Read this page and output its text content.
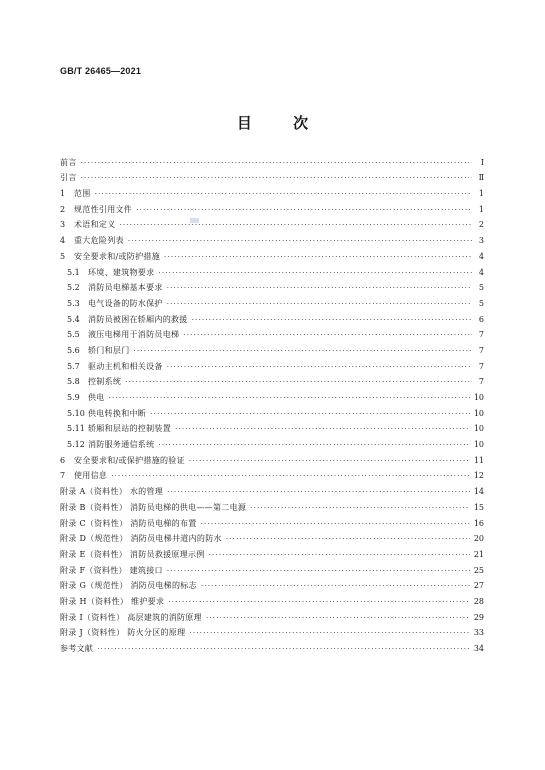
GB/T 26465—2021
目 次
前言 ·····	Ⅰ
引言 ·····	Ⅱ
1	范围 ·····	1
2	规范性引用文件 ·····	1
3	术语和定义 ·····	2
4	重大危险列表 ·····	3
5	安全要求和/或防护措施 ·····	4
5.1	环境、建筑物要求 ·····	4
5.2	消防员电梯基本要求 ·····	5
5.3	电气设备的防水保护 ·····	5
5.4	消防员被困在轿厢内的救援 ·····	6
5.5	液压电梯用于消防员电梯 ·····	7
5.6	轿门和层门 ·····	7
5.7	驱动主机和相关设备 ·····	7
5.8	控制系统 ·····	7
5.9	供电 ·····	10
5.10 供电转换和中断 ·····	10
5.11 轿厢和层站的控制装置 ·····	10
5.12 消防服务通信系统 ·····	10
6	安全要求和/或保护措施的验证 ·····	11
7	使用信息 ·····	12
附录 A（资料性） 水的管理 ·····	14
附录 B（资料性） 消防员电梯的供电——第二电源 ·····	15
附录 C（资料性） 消防员电梯的布置 ·····	16
附录 D（规范性） 消防员电梯井道内的防水 ·····	20
附录 E（资料性） 消防员救援原理示例 ·····	21
附录 F（资料性） 建筑接口 ·····	25
附录 G（规范性） 消防员电梯的标志 ·····	27
附录 H（资料性） 维护要求 ·····	28
附录 I（资料性） 高层建筑的消防原理 ·····	29
附录 J（资料性） 防火分区的原理 ·····	33
参考文献 ·····	34
